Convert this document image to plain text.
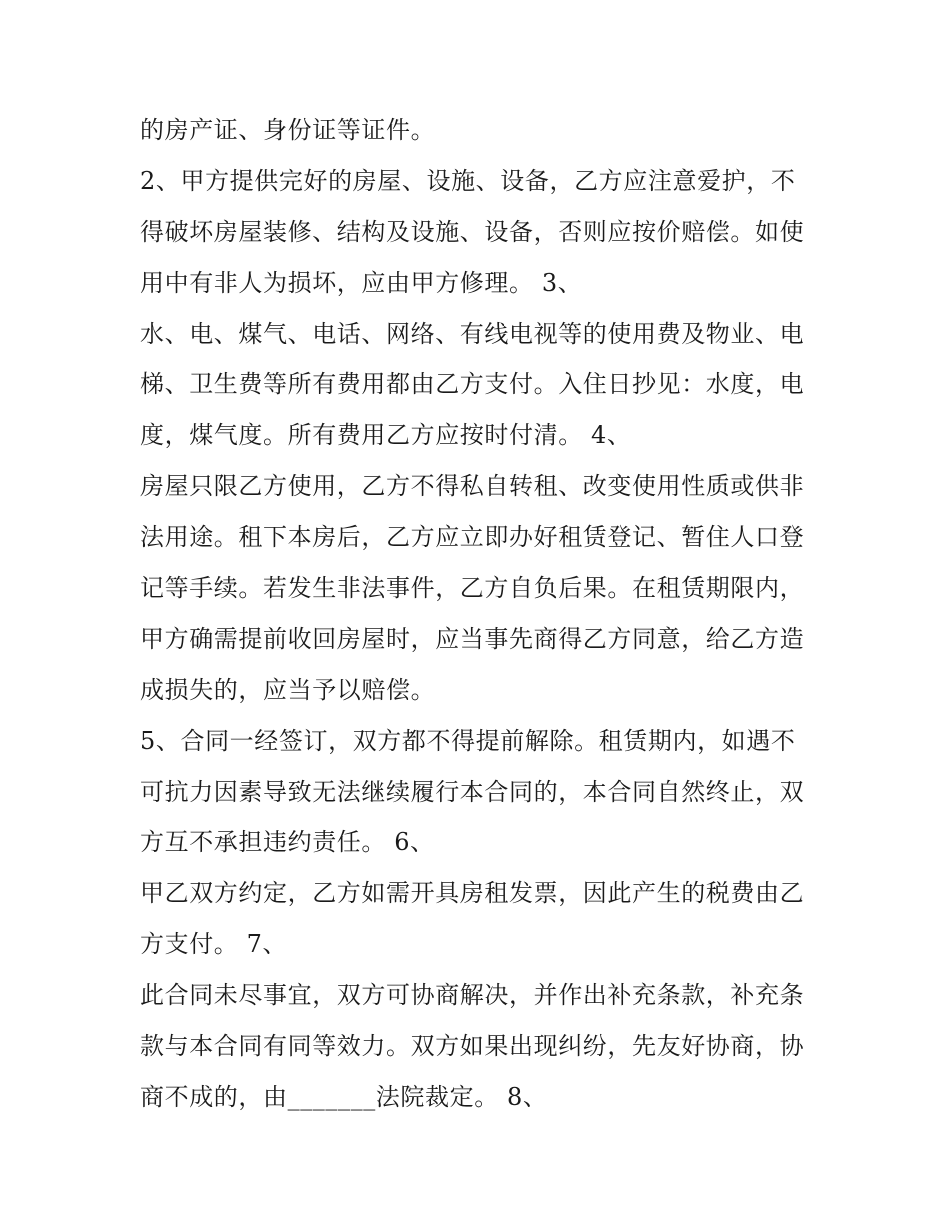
的房产证、身份证等证件。
2、甲方提供完好的房屋、设施、设备，乙方应注意爱护，不
得破坏房屋装修、结构及设施、设备，否则应按价赔偿。如使
用中有非人为损坏，应由甲方修理。 3、
水、电、煤气、电话、网络、有线电视等的使用费及物业、电
梯、卫生费等所有费用都由乙方支付。入住日抄见：水度，电
度，煤气度。所有费用乙方应按时付清。 4、
房屋只限乙方使用，乙方不得私自转租、改变使用性质或供非
法用途。租下本房后，乙方应立即办好租赁登记、暂住人口登
记等手续。若发生非法事件，乙方自负后果。在租赁期限内，
甲方确需提前收回房屋时，应当事先商得乙方同意，给乙方造
成损失的，应当予以赔偿。
5、合同一经签订，双方都不得提前解除。租赁期内，如遇不
可抗力因素导致无法继续履行本合同的，本合同自然终止，双
方互不承担违约责任。 6、
甲乙双方约定，乙方如需开具房租发票，因此产生的税费由乙
方支付。 7、
此合同未尽事宜，双方可协商解决，并作出补充条款，补充条
款与本合同有同等效力。双方如果出现纠纷，先友好协商，协
商不成的，由_______法院裁定。 8、
